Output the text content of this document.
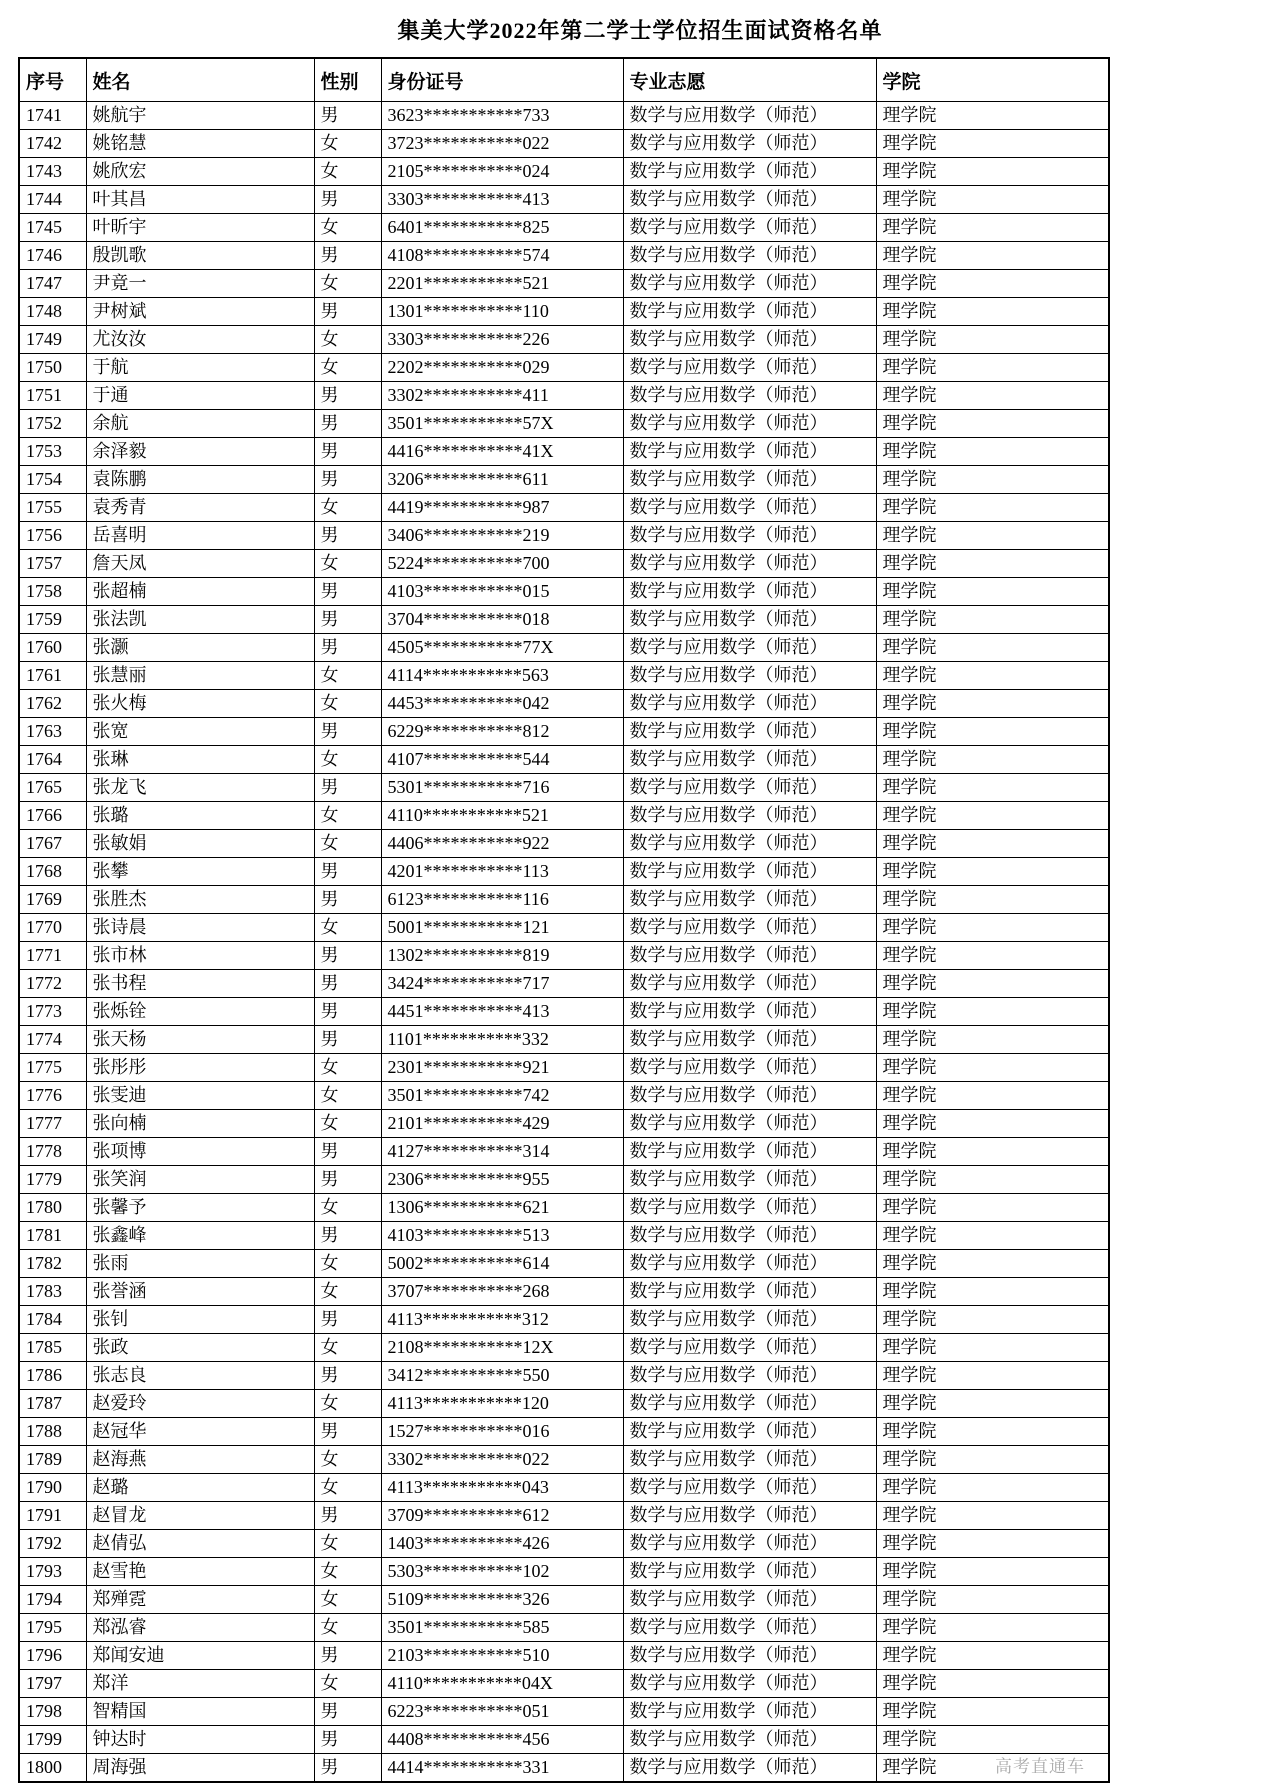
集美大学2022年第二学士学位招生面试资格名单
序号	姓名	性别	身份证号	专业志愿	学院
1741	姚航宇	男	3623***********733	数学与应用数学（师范）	理学院
1742	姚铭慧	女	3723***********022	数学与应用数学（师范）	理学院
1743	姚欣宏	女	2105***********024	数学与应用数学（师范）	理学院
1744	叶其昌	男	3303***********413	数学与应用数学（师范）	理学院
1745	叶昕宇	女	6401***********825	数学与应用数学（师范）	理学院
1746	殷凯歌	男	4108***********574	数学与应用数学（师范）	理学院
1747	尹竟一	女	2201***********521	数学与应用数学（师范）	理学院
1748	尹树斌	男	1301***********110	数学与应用数学（师范）	理学院
1749	尤汝汝	女	3303***********226	数学与应用数学（师范）	理学院
1750	于航	女	2202***********029	数学与应用数学（师范）	理学院
1751	于通	男	3302***********411	数学与应用数学（师范）	理学院
1752	余航	男	3501***********57X	数学与应用数学（师范）	理学院
1753	余泽毅	男	4416***********41X	数学与应用数学（师范）	理学院
1754	袁陈鹏	男	3206***********611	数学与应用数学（师范）	理学院
1755	袁秀青	女	4419***********987	数学与应用数学（师范）	理学院
1756	岳喜明	男	3406***********219	数学与应用数学（师范）	理学院
1757	詹天凤	女	5224***********700	数学与应用数学（师范）	理学院
1758	张超楠	男	4103***********015	数学与应用数学（师范）	理学院
1759	张法凯	男	3704***********018	数学与应用数学（师范）	理学院
1760	张灏	男	4505***********77X	数学与应用数学（师范）	理学院
1761	张慧丽	女	4114***********563	数学与应用数学（师范）	理学院
1762	张火梅	女	4453***********042	数学与应用数学（师范）	理学院
1763	张宽	男	6229***********812	数学与应用数学（师范）	理学院
1764	张琳	女	4107***********544	数学与应用数学（师范）	理学院
1765	张龙飞	男	5301***********716	数学与应用数学（师范）	理学院
1766	张璐	女	4110***********521	数学与应用数学（师范）	理学院
1767	张敏娟	女	4406***********922	数学与应用数学（师范）	理学院
1768	张攀	男	4201***********113	数学与应用数学（师范）	理学院
1769	张胜杰	男	6123***********116	数学与应用数学（师范）	理学院
1770	张诗晨	女	5001***********121	数学与应用数学（师范）	理学院
1771	张市林	男	1302***********819	数学与应用数学（师范）	理学院
1772	张书程	男	3424***********717	数学与应用数学（师范）	理学院
1773	张烁铨	男	4451***********413	数学与应用数学（师范）	理学院
1774	张天杨	男	1101***********332	数学与应用数学（师范）	理学院
1775	张彤彤	女	2301***********921	数学与应用数学（师范）	理学院
1776	张雯迪	女	3501***********742	数学与应用数学（师范）	理学院
1777	张向楠	女	2101***********429	数学与应用数学（师范）	理学院
1778	张项博	男	4127***********314	数学与应用数学（师范）	理学院
1779	张笑润	男	2306***********955	数学与应用数学（师范）	理学院
1780	张馨予	女	1306***********621	数学与应用数学（师范）	理学院
1781	张鑫峰	男	4103***********513	数学与应用数学（师范）	理学院
1782	张雨	女	5002***********614	数学与应用数学（师范）	理学院
1783	张誉涵	女	3707***********268	数学与应用数学（师范）	理学院
1784	张钊	男	4113***********312	数学与应用数学（师范）	理学院
1785	张政	女	2108***********12X	数学与应用数学（师范）	理学院
1786	张志良	男	3412***********550	数学与应用数学（师范）	理学院
1787	赵爱玲	女	4113***********120	数学与应用数学（师范）	理学院
1788	赵冠华	男	1527***********016	数学与应用数学（师范）	理学院
1789	赵海燕	女	3302***********022	数学与应用数学（师范）	理学院
1790	赵璐	女	4113***********043	数学与应用数学（师范）	理学院
1791	赵冒龙	男	3709***********612	数学与应用数学（师范）	理学院
1792	赵倩弘	女	1403***********426	数学与应用数学（师范）	理学院
1793	赵雪艳	女	5303***********102	数学与应用数学（师范）	理学院
1794	郑殚霓	女	5109***********326	数学与应用数学（师范）	理学院
1795	郑泓睿	女	3501***********585	数学与应用数学（师范）	理学院
1796	郑闻安迪	男	2103***********510	数学与应用数学（师范）	理学院
1797	郑洋	女	4110***********04X	数学与应用数学（师范）	理学院
1798	智精国	男	6223***********051	数学与应用数学（师范）	理学院
1799	钟达时	男	4408***********456	数学与应用数学（师范）	理学院
1800	周海强	男	4414***********331	数学与应用数学（师范）	理学院	高考直通车
